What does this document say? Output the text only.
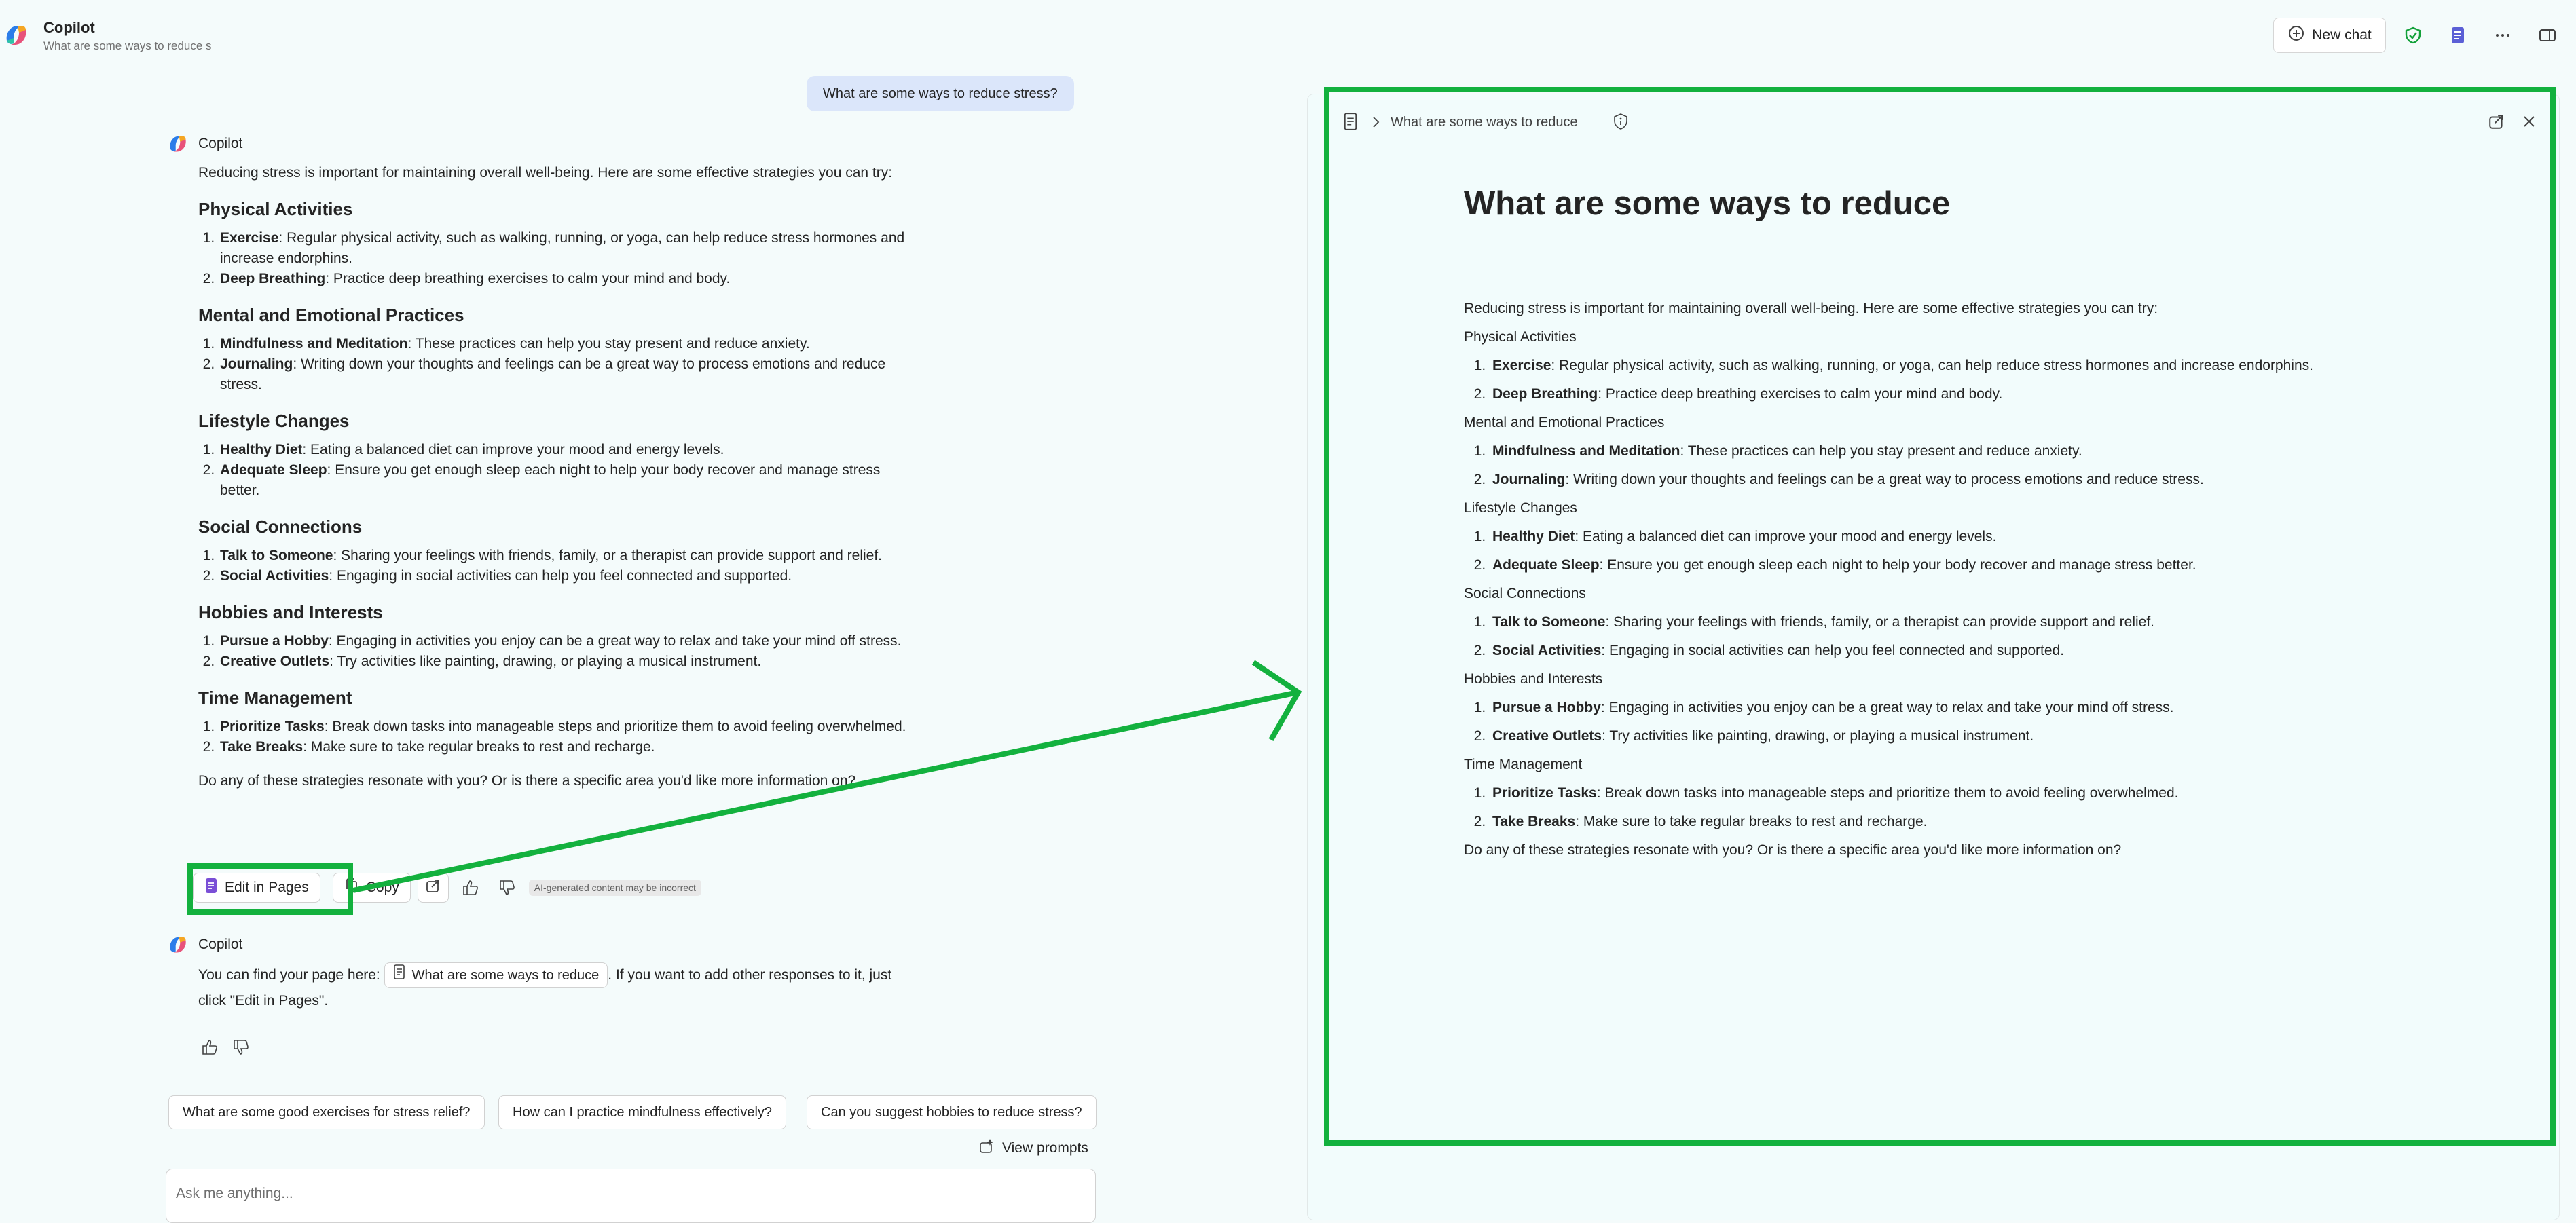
Copilot
What are some ways to reduce s
New chat
What are some ways to reduce stress?
Copilot

Reducing stress is important for maintaining overall well-being. Here are some effective strategies you can try:

Physical Activities
1. Exercise: Regular physical activity, such as walking, running, or yoga, can help reduce stress hormones and increase endorphins.
2. Deep Breathing: Practice deep breathing exercises to calm your mind and body.
Mental and Emotional Practices
1. Mindfulness and Meditation: These practices can help you stay present and reduce anxiety.
2. Journaling: Writing down your thoughts and feelings can be a great way to process emotions and reduce stress.
Lifestyle Changes
1. Healthy Diet: Eating a balanced diet can improve your mood and energy levels.
2. Adequate Sleep: Ensure you get enough sleep each night to help your body recover and manage stress better.
Social Connections
1. Talk to Someone: Sharing your feelings with friends, family, or a therapist can provide support and relief.
2. Social Activities: Engaging in social activities can help you feel connected and supported.
Hobbies and Interests
1. Pursue a Hobby: Engaging in activities you enjoy can be a great way to relax and take your mind off stress.
2. Creative Outlets: Try activities like painting, drawing, or playing a musical instrument.
Time Management
1. Prioritize Tasks: Break down tasks into manageable steps and prioritize them to avoid feeling overwhelmed.
2. Take Breaks: Make sure to take regular breaks to rest and recharge.

Do any of these strategies resonate with you? Or is there a specific area you'd like more information on?

Edit in Pages	Copy	AI-generated content may be incorrect
Copilot
You can find your page here: What are some ways to reduce . If you want to add other responses to it, just click "Edit in Pages".
What are some good exercises for stress relief?	How can I practice mindfulness effectively?	Can you suggest hobbies to reduce stress?
View prompts
Ask me anything...
What are some ways to reduce
What are some ways to reduce

Reducing stress is important for maintaining overall well-being. Here are some effective strategies you can try:

Physical Activities

1. Exercise: Regular physical activity, such as walking, running, or yoga, can help reduce stress hormones and increase endorphins.
2. Deep Breathing: Practice deep breathing exercises to calm your mind and body.

Mental and Emotional Practices

1. Mindfulness and Meditation: These practices can help you stay present and reduce anxiety.
2. Journaling: Writing down your thoughts and feelings can be a great way to process emotions and reduce stress.

Lifestyle Changes

1. Healthy Diet: Eating a balanced diet can improve your mood and energy levels.
2. Adequate Sleep: Ensure you get enough sleep each night to help your body recover and manage stress better.

Social Connections

1. Talk to Someone: Sharing your feelings with friends, family, or a therapist can provide support and relief.
2. Social Activities: Engaging in social activities can help you feel connected and supported.

Hobbies and Interests

1. Pursue a Hobby: Engaging in activities you enjoy can be a great way to relax and take your mind off stress.
2. Creative Outlets: Try activities like painting, drawing, or playing a musical instrument.

Time Management

1. Prioritize Tasks: Break down tasks into manageable steps and prioritize them to avoid feeling overwhelmed.
2. Take Breaks: Make sure to take regular breaks to rest and recharge.

Do any of these strategies resonate with you? Or is there a specific area you'd like more information on?
